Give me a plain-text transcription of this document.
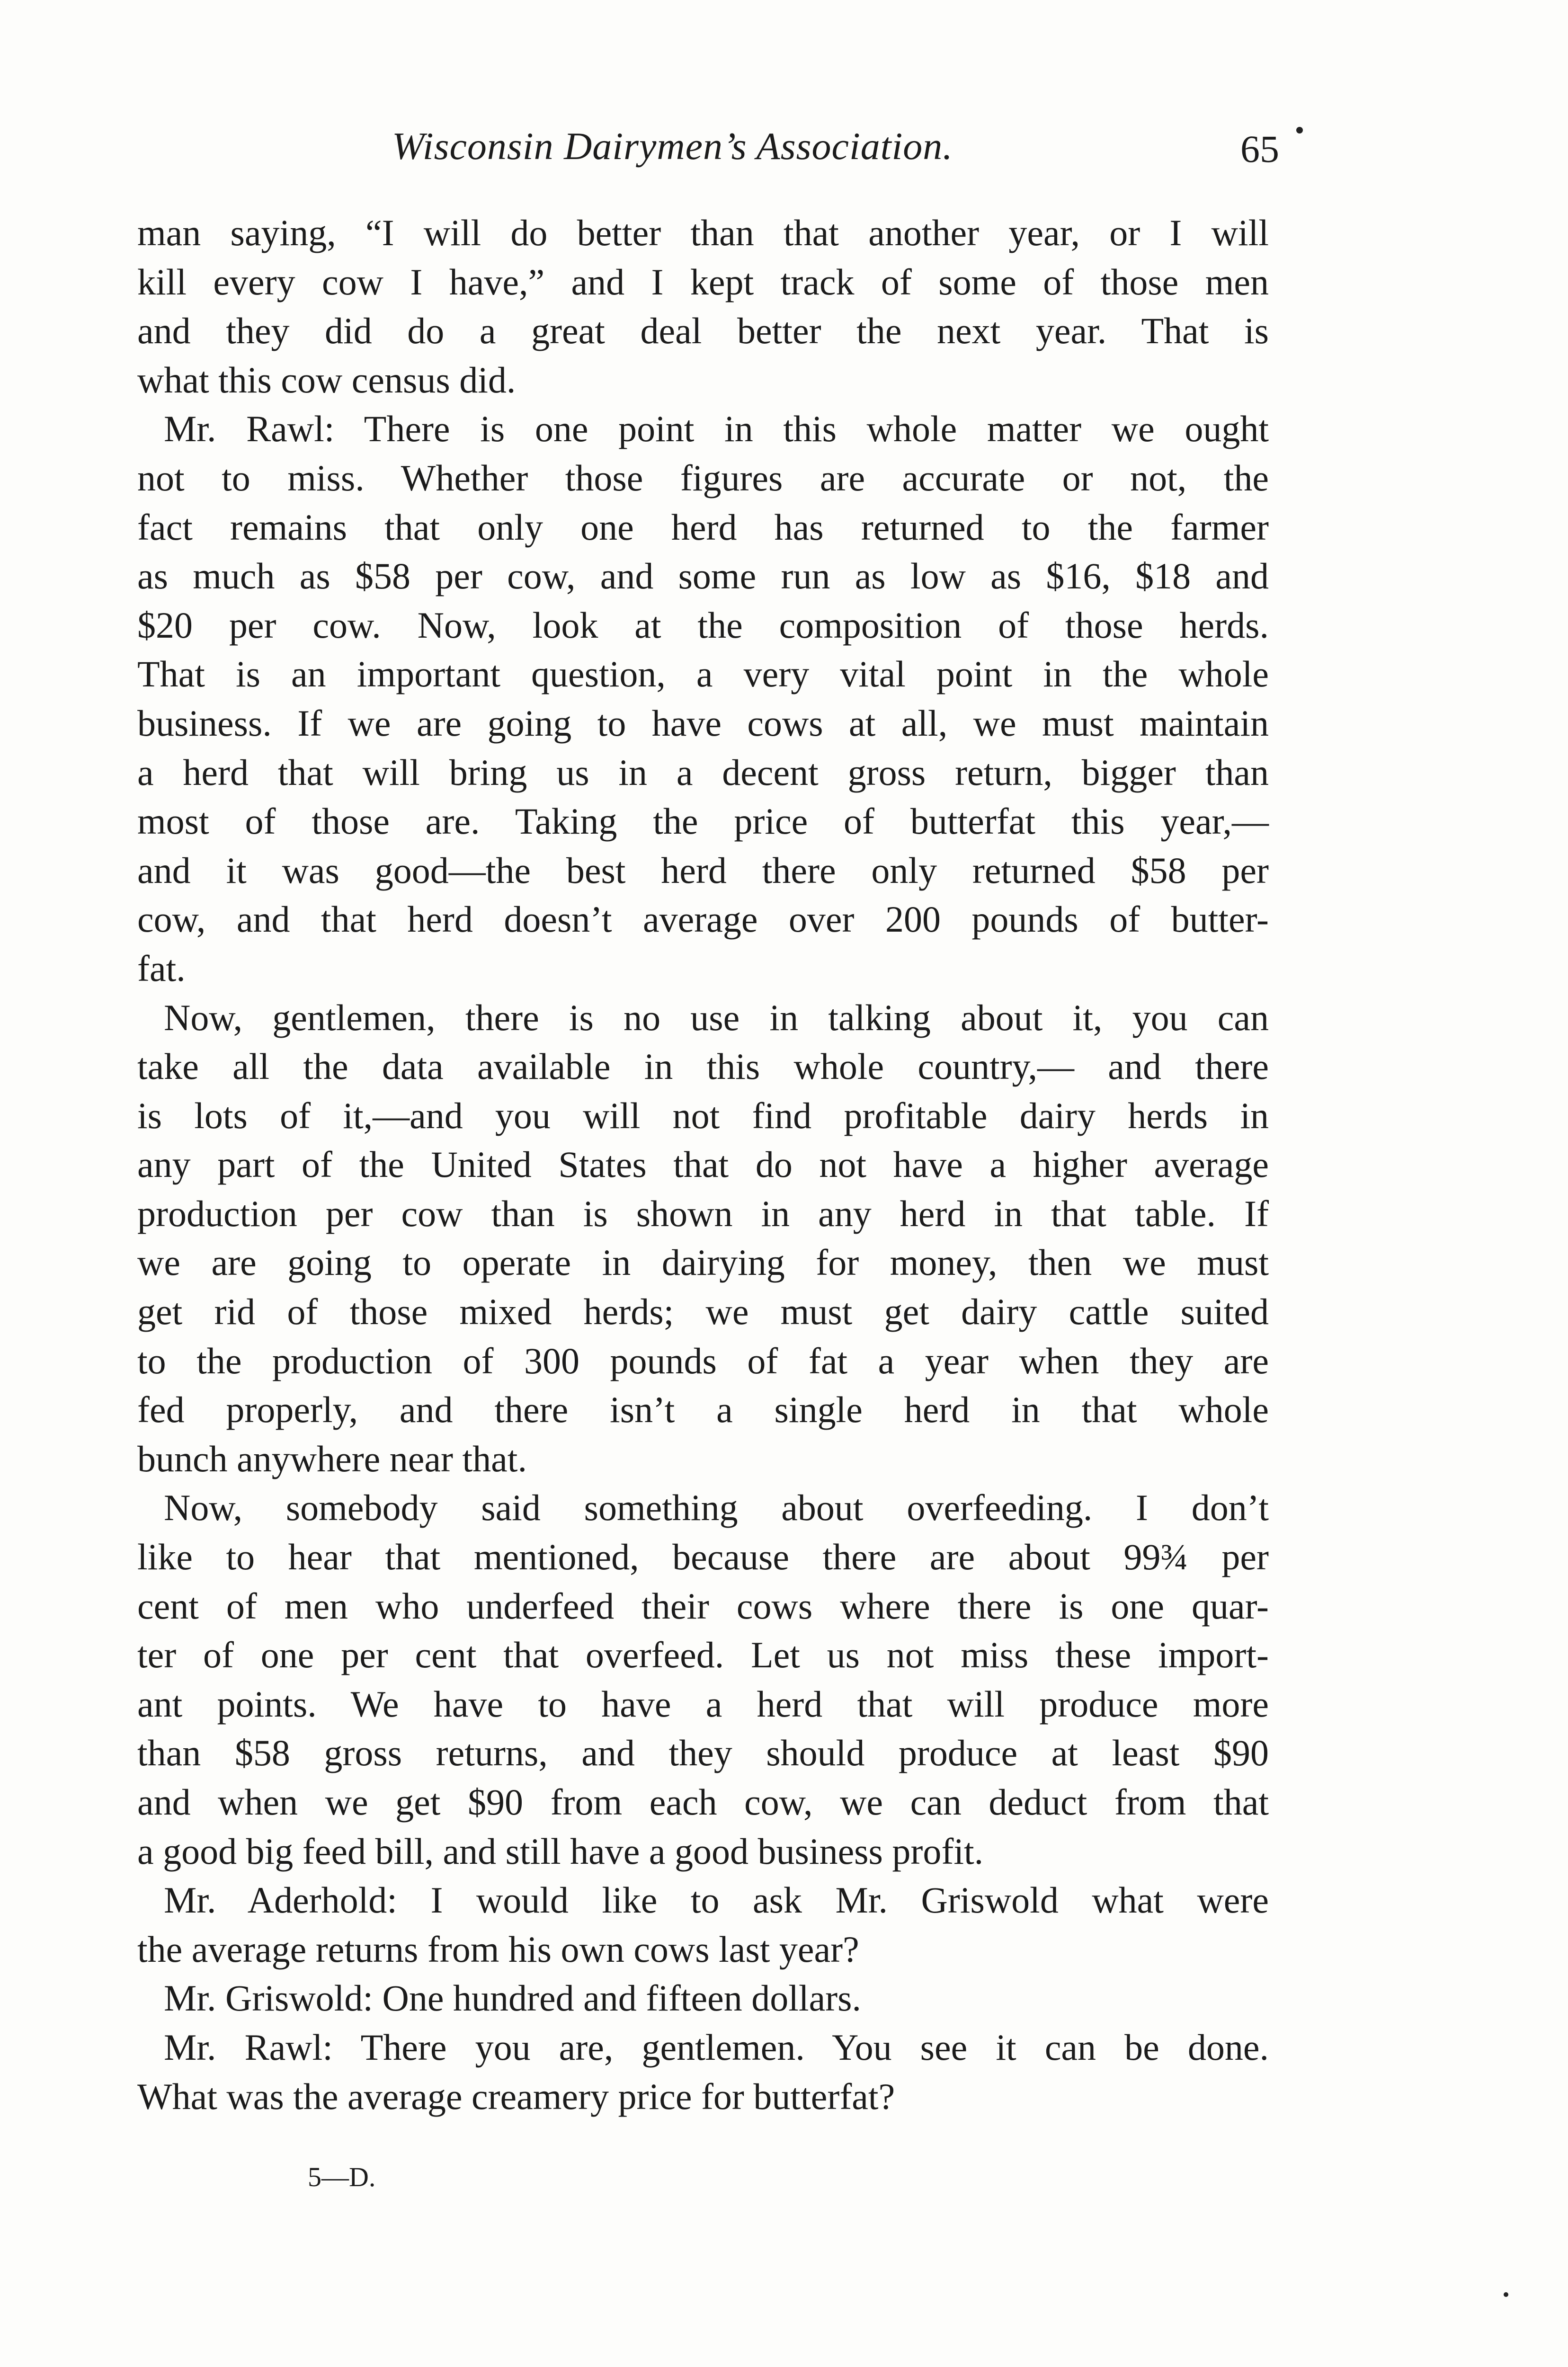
Wisconsin Dairymen’s Association.	65
man saying, “I will do better than that another year, or I will
kill every cow I have,” and I kept track of some of those men
and they did do a great deal better the next year. That is
what this cow census did.
Mr. Rawl: There is one point in this whole matter we ought
not to miss. Whether those figures are accurate or not, the
fact remains that only one herd has returned to the farmer
as much as $58 per cow, and some run as low as $16, $18 and
$20 per cow. Now, look at the composition of those herds.
That is an important question, a very vital point in the whole
business. If we are going to have cows at all, we must maintain
a herd that will bring us in a decent gross return, bigger than
most of those are. Taking the price of butterfat this year,—
and it was good—the best herd there only returned $58 per
cow, and that herd doesn’t average over 200 pounds of butter-
fat.
Now, gentlemen, there is no use in talking about it, you can
take all the data available in this whole country,— and there
is lots of it,—and you will not find profitable dairy herds in
any part of the United States that do not have a higher average
production per cow than is shown in any herd in that table. If
we are going to operate in dairying for money, then we must
get rid of those mixed herds; we must get dairy cattle suited
to the production of 300 pounds of fat a year when they are
fed properly, and there isn’t a single herd in that whole
bunch anywhere near that.
Now, somebody said something about overfeeding. I don’t
like to hear that mentioned, because there are about 99¾ per
cent of men who underfeed their cows where there is one quar-
ter of one per cent that overfeed. Let us not miss these import-
ant points. We have to have a herd that will produce more
than $58 gross returns, and they should produce at least $90
and when we get $90 from each cow, we can deduct from that
a good big feed bill, and still have a good business profit.
Mr. Aderhold: I would like to ask Mr. Griswold what were
the average returns from his own cows last year?
Mr. Griswold: One hundred and fifteen dollars.
Mr. Rawl: There you are, gentlemen. You see it can be done.
What was the average creamery price for butterfat?
5—D.
